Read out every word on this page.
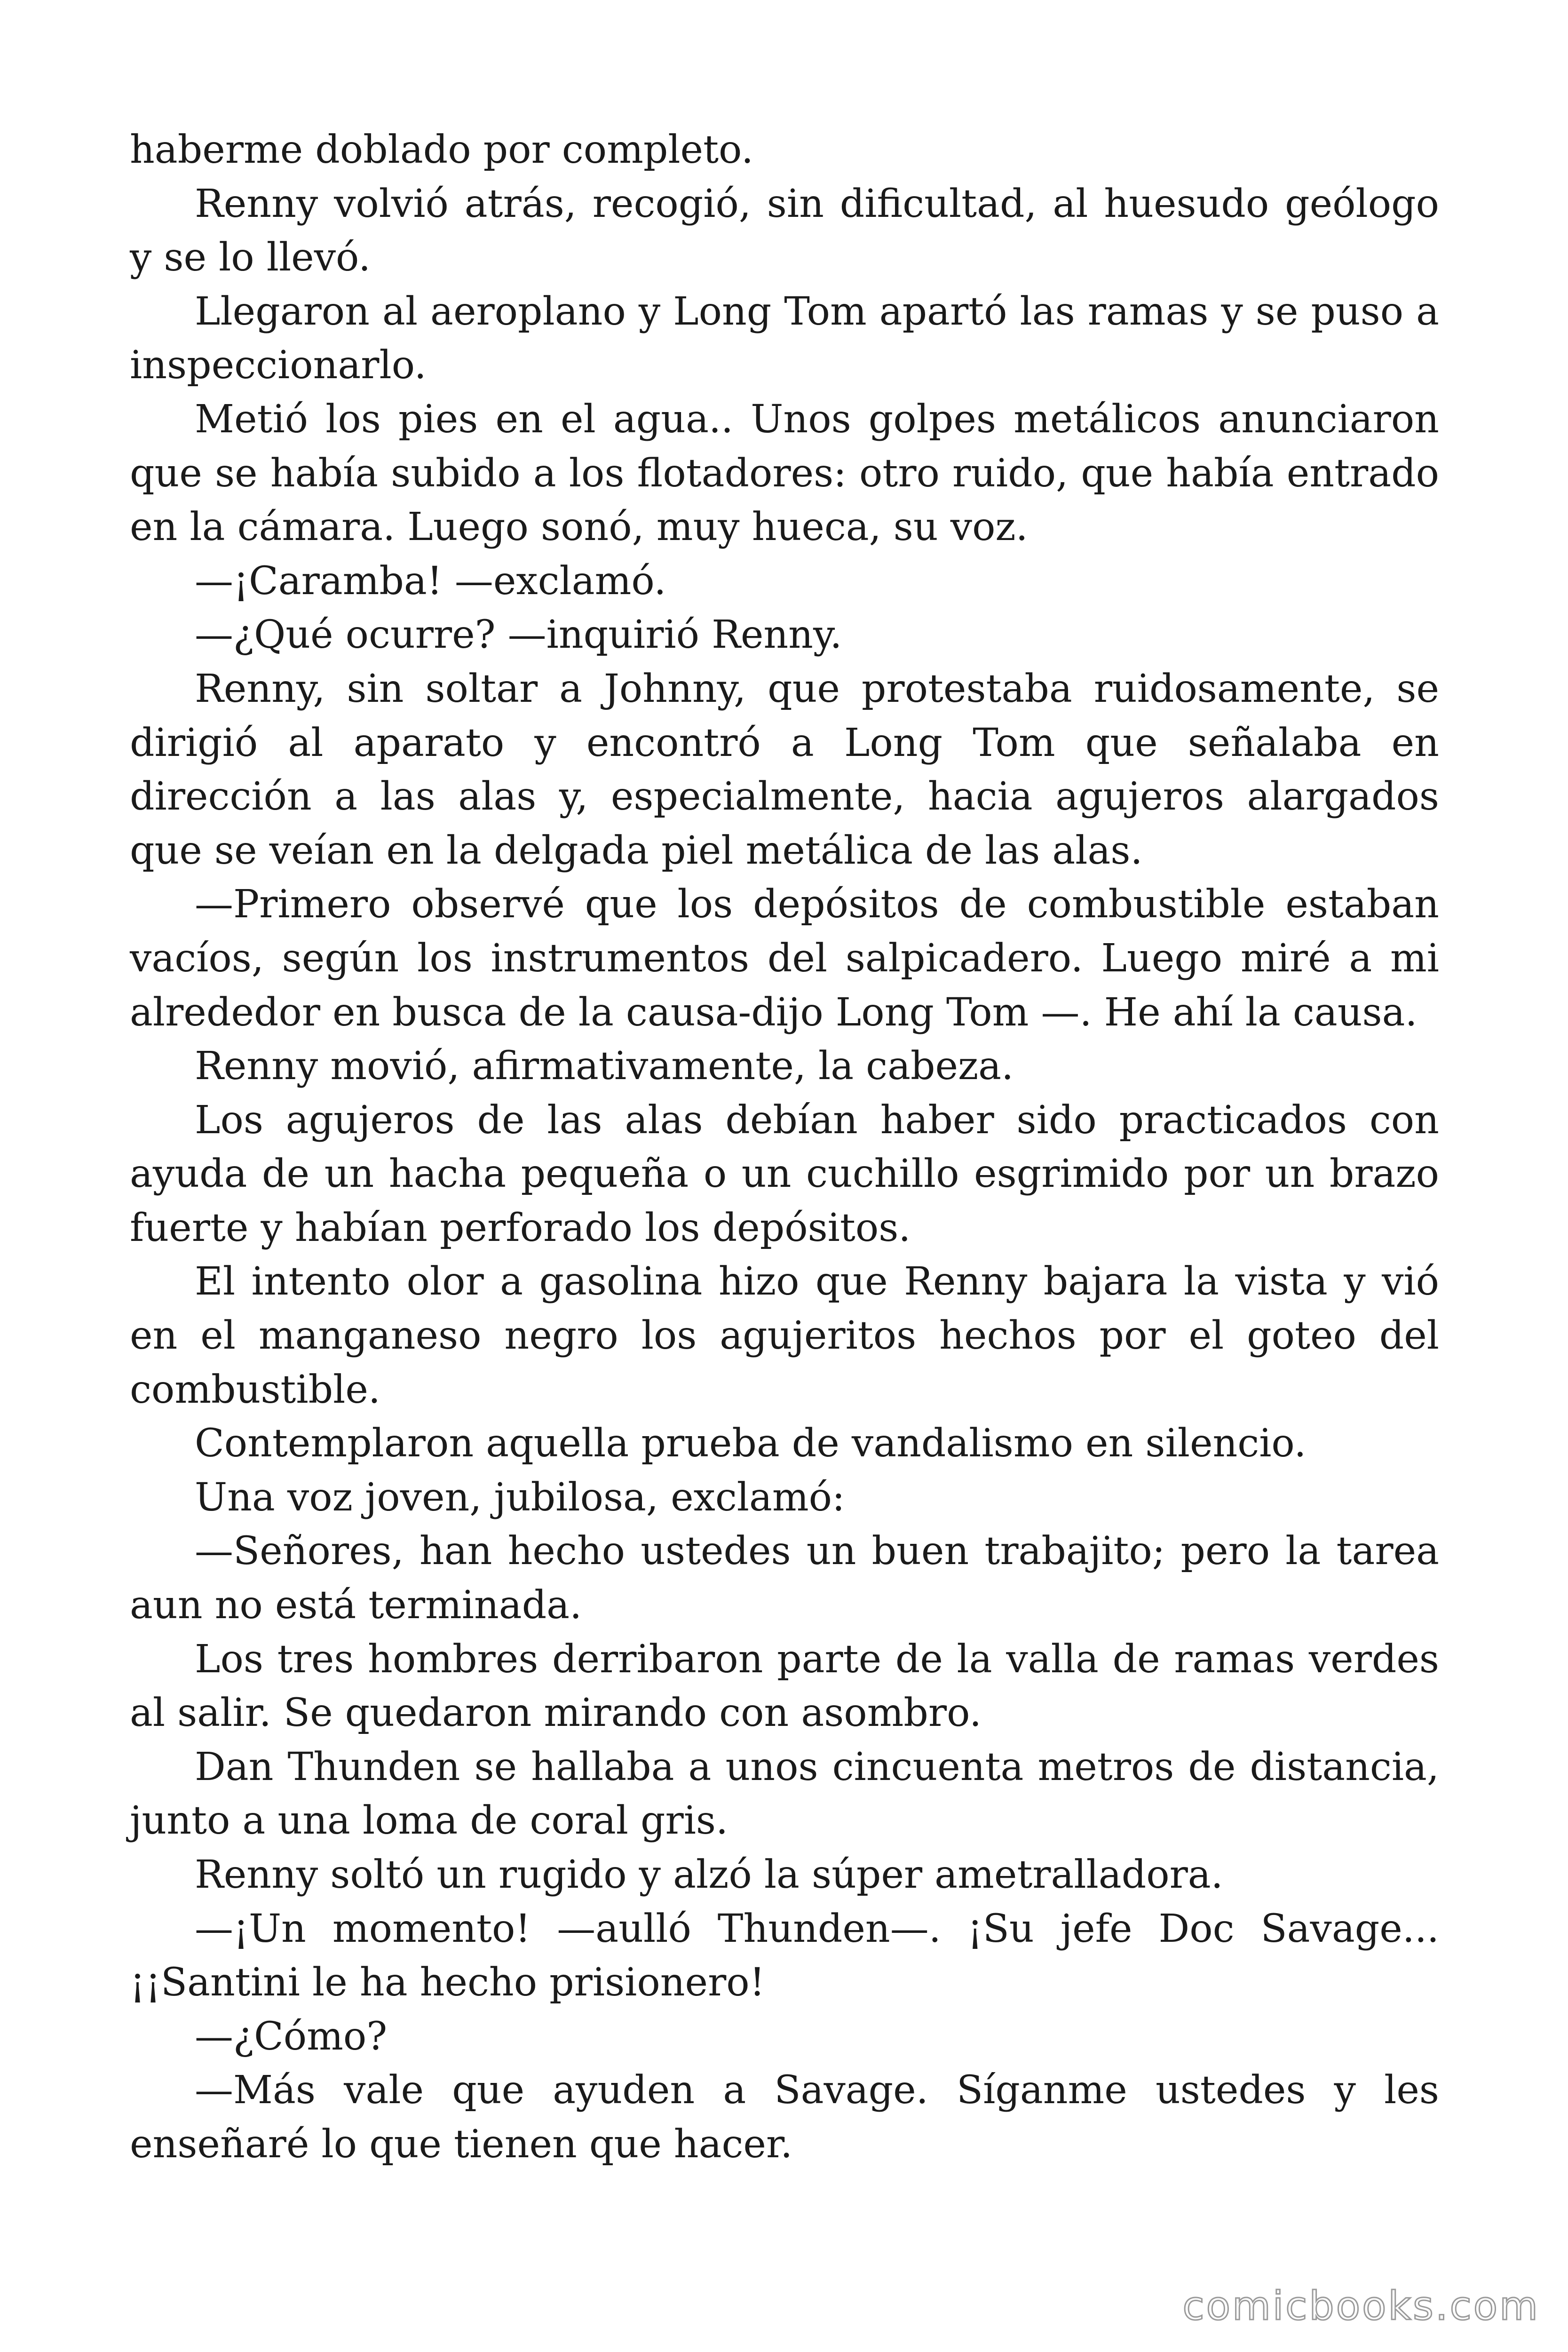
haberme doblado por completo.

Renny volvió atrás, recogió, sin dificultad, al huesudo geólogo y se lo llevó.

Llegaron al aeroplano y Long Tom apartó las ramas y se puso a inspeccionarlo.

Metió los pies en el agua.. Unos golpes metálicos anunciaron que se había subido a los flotadores: otro ruido, que había entrado en la cámara. Luego sonó, muy hueca, su voz.

—¡Caramba! —exclamó.

—¿Qué ocurre? —inquirió Renny.

Renny, sin soltar a Johnny, que protestaba ruidosamente, se dirigió al aparato y encontró a Long Tom que señalaba en dirección a las alas y, especialmente, hacia agujeros alargados que se veían en la delgada piel metálica de las alas.

—Primero observé que los depósitos de combustible estaban vacíos, según los instrumentos del salpicadero. Luego miré a mi alrededor en busca de la causa-dijo Long Tom —. He ahí la causa.

Renny movió, afirmativamente, la cabeza.

Los agujeros de las alas debían haber sido practicados con ayuda de un hacha pequeña o un cuchillo esgrimido por un brazo fuerte y habían perforado los depósitos.

El intento olor a gasolina hizo que Renny bajara la vista y vió en el manganeso negro los agujeritos hechos por el goteo del combustible.

Contemplaron aquella prueba de vandalismo en silencio.

Una voz joven, jubilosa, exclamó:

—Señores, han hecho ustedes un buen trabajito; pero la tarea aun no está terminada.

Los tres hombres derribaron parte de la valla de ramas verdes al salir. Se quedaron mirando con asombro.

Dan Thunden se hallaba a unos cincuenta metros de distancia, junto a una loma de coral gris.

Renny soltó un rugido y alzó la súper ametralladora.

—¡Un momento! —aulló Thunden—. ¡Su jefe Doc Savage... ¡¡Santini le ha hecho prisionero!

—¿Cómo?

—Más vale que ayuden a Savage. Síganme ustedes y les enseñaré lo que tienen que hacer.

comicbooks.com
